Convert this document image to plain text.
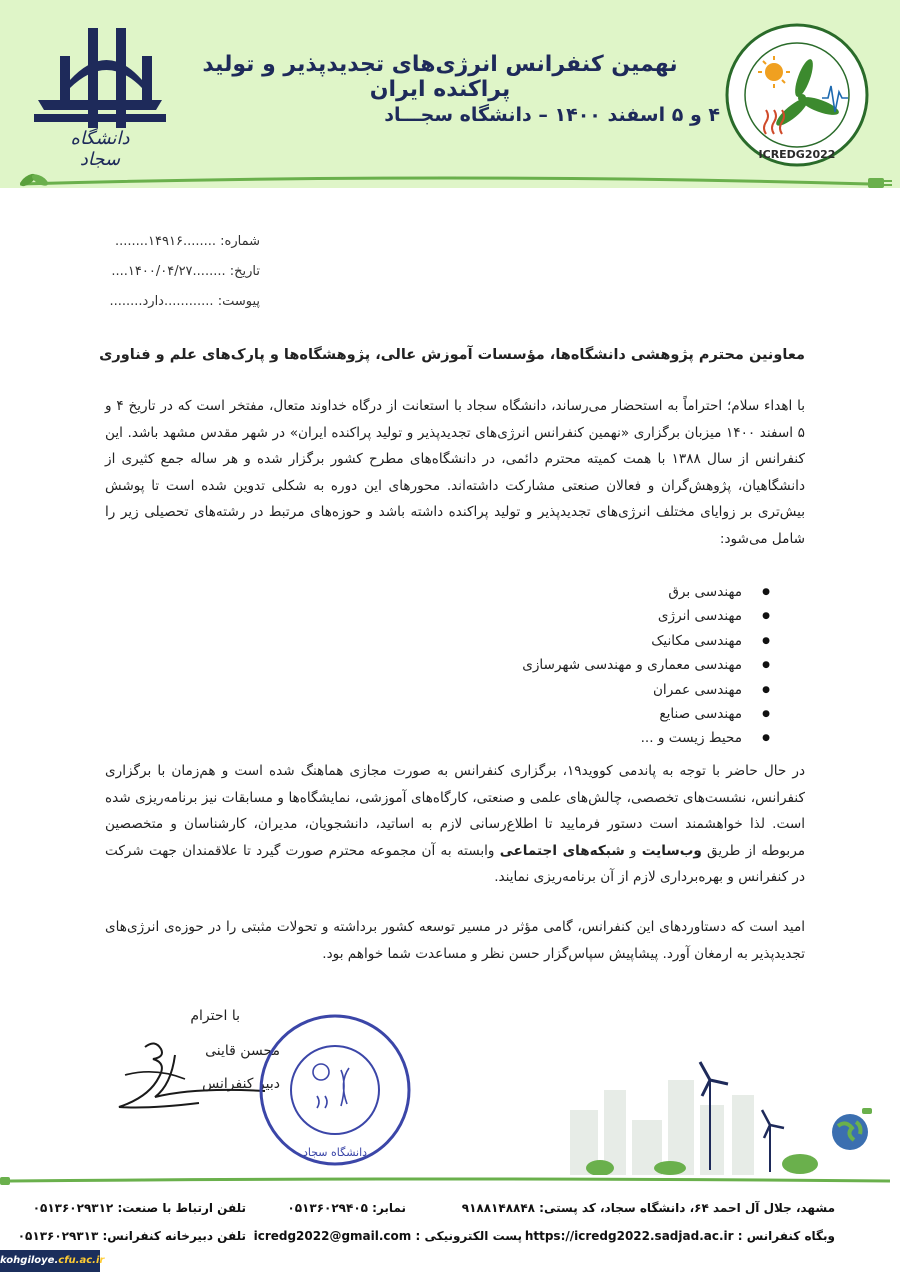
دانشگاه سجاد
نهمین کنفرانس انرژی‌های تجدیدپذیر و تولید پراکنده ایران
۴ و ۵ اسفند ۱۴۰۰ – دانشگاه سجـــاد
ICREDG2022
شماره: ........۱۴۹۱۶........
تاریخ: ........۱۴۰۰/۰۴/۲۷....
پیوست: ............دارد........
معاونین محترم پژوهشی دانشگاه‌ها، مؤسسات آموزش عالی، پژوهشگاه‌ها و پارک‌های علم و فناوری

با اهداء سلام؛ احتراماً به استحضار می‌رساند، دانشگاه سجاد با استعانت از درگاه خداوند متعال، مفتخر است که در تاریخ ۴ و ۵ اسفند ۱۴۰۰ میزبان برگزاری «نهمین کنفرانس انرژی‌های تجدیدپذیر و تولید پراکنده ایران» در شهر مقدس مشهد باشد. این کنفرانس از سال ۱۳۸۸ با همت کمیته محترم دائمی، در دانشگاه‌های مطرح کشور برگزار شده و هر ساله جمع کثیری از دانشگاهیان، پژوهش‌گران و فعالان صنعتی مشارکت داشته‌اند. محورهای این دوره به شکلی تدوین شده است تا پوشش بیش‌تری بر زوایای مختلف انرژی‌های تجدیدپذیر و تولید پراکنده داشته باشد و حوزه‌های مرتبط در رشته‌های تحصیلی زیر را شامل می‌شود:

● مهندسی برق
● مهندسی انرژی
● مهندسی مکانیک
● مهندسی معماری و مهندسی شهرسازی
● مهندسی عمران
● مهندسی صنایع
● محیط زیست و ...

در حال حاضر با توجه به پاندمی کووید۱۹، برگزاری کنفرانس به صورت مجازی هماهنگ شده است و هم‌زمان با برگزاری کنفرانس، نشست‌های تخصصی، چالش‌های علمی و صنعتی، کارگاه‌های آموزشی، نمایشگاه‌ها و مسابقات نیز برنامه‌ریزی شده است. لذا خواهشمند است دستور فرمایید تا اطلاع‌رسانی لازم به اساتید، دانشجویان، مدیران، کارشناسان و متخصصین مربوطه از طریق وب‌سایت و شبکه‌های اجتماعی وابسته به آن مجموعه محترم صورت گیرد تا علاقمندان جهت شرکت در کنفرانس و بهره‌برداری لازم از آن برنامه‌ریزی نمایند.

امید است که دستاوردهای این کنفرانس، گامی مؤثر در مسیر توسعه کشور برداشته و تحولات مثبتی را در حوزه‌ی انرژی‌های تجدیدپذیر به ارمغان آورد. پیشاپیش سپاس‌گزار حسن نظر و مساعدت شما خواهم بود.

با احترام
محسن قاینی
دبیر کنفرانس
دانشگاه سجاد
مشهد، جلال آل احمد ۶۴، دانشگاه سجاد، کد پستی: ۹۱۸۸۱۴۸۸۴۸
نمابر: ۰۵۱۳۶۰۲۹۴۰۵
تلفن ارتباط با صنعت: ۰۵۱۳۶۰۲۹۳۱۲
وبگاه کنفرانس : https://icredg2022.sadjad.ac.ir
پست الکترونیکی : icredg2022@gmail.com
تلفن دبیرخانه کنفرانس: ۰۵۱۳۶۰۲۹۳۱۳
kohgiloye.cfu.ac.ir
